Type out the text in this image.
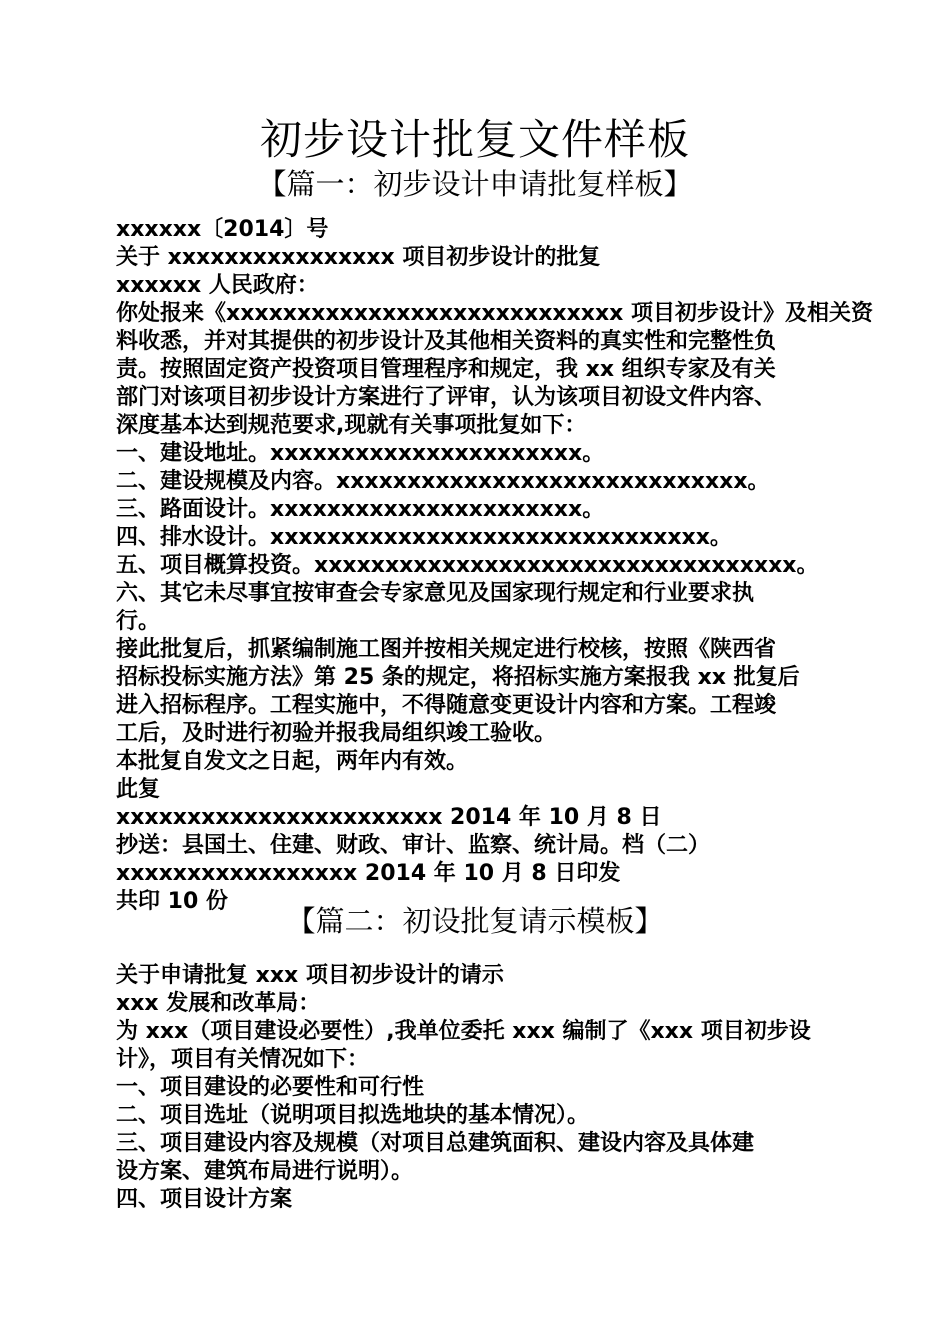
初步设计批复文件样板
【篇一：初步设计申请批复样板】
xxxxxx〔2014〕号
关于 xxxxxxxxxxxxxxxx 项目初步设计的批复
xxxxxx 人民政府：
你处报来《xxxxxxxxxxxxxxxxxxxxxxxxxxxx 项目初步设计》及相关资
料收悉，并对其提供的初步设计及其他相关资料的真实性和完整性负
责。按照固定资产投资项目管理程序和规定，我 xx 组织专家及有关
部门对该项目初步设计方案进行了评审，认为该项目初设文件内容、
深度基本达到规范要求,现就有关事项批复如下：
一、建设地址。xxxxxxxxxxxxxxxxxxxxxx。
二、建设规模及内容。xxxxxxxxxxxxxxxxxxxxxxxxxxxxx。
三、路面设计。xxxxxxxxxxxxxxxxxxxxxx。
四、排水设计。xxxxxxxxxxxxxxxxxxxxxxxxxxxxxxx。
五、项目概算投资。xxxxxxxxxxxxxxxxxxxxxxxxxxxxxxxxxx。
六、其它未尽事宜按审查会专家意见及国家现行规定和行业要求执
行。
接此批复后，抓紧编制施工图并按相关规定进行校核，按照《陕西省
招标投标实施方法》第 25 条的规定，将招标实施方案报我 xx 批复后
进入招标程序。工程实施中，不得随意变更设计内容和方案。工程竣
工后，及时进行初验并报我局组织竣工验收。
本批复自发文之日起，两年内有效。
此复
xxxxxxxxxxxxxxxxxxxxxxx 2014 年 10 月 8 日
抄送：县国土、住建、财政、审计、监察、统计局。档（二）
xxxxxxxxxxxxxxxxx 2014 年 10 月 8 日印发
共印 10 份
【篇二：初设批复请示模板】
关于申请批复 xxx 项目初步设计的请示
xxx 发展和改革局：
为 xxx（项目建设必要性）,我单位委托 xxx 编制了《xxx 项目初步设
计》，项目有关情况如下：
一、项目建设的必要性和可行性
二、项目选址（说明项目拟选地块的基本情况）。
三、项目建设内容及规模（对项目总建筑面积、建设内容及具体建
设方案、建筑布局进行说明）。
四、项目设计方案
